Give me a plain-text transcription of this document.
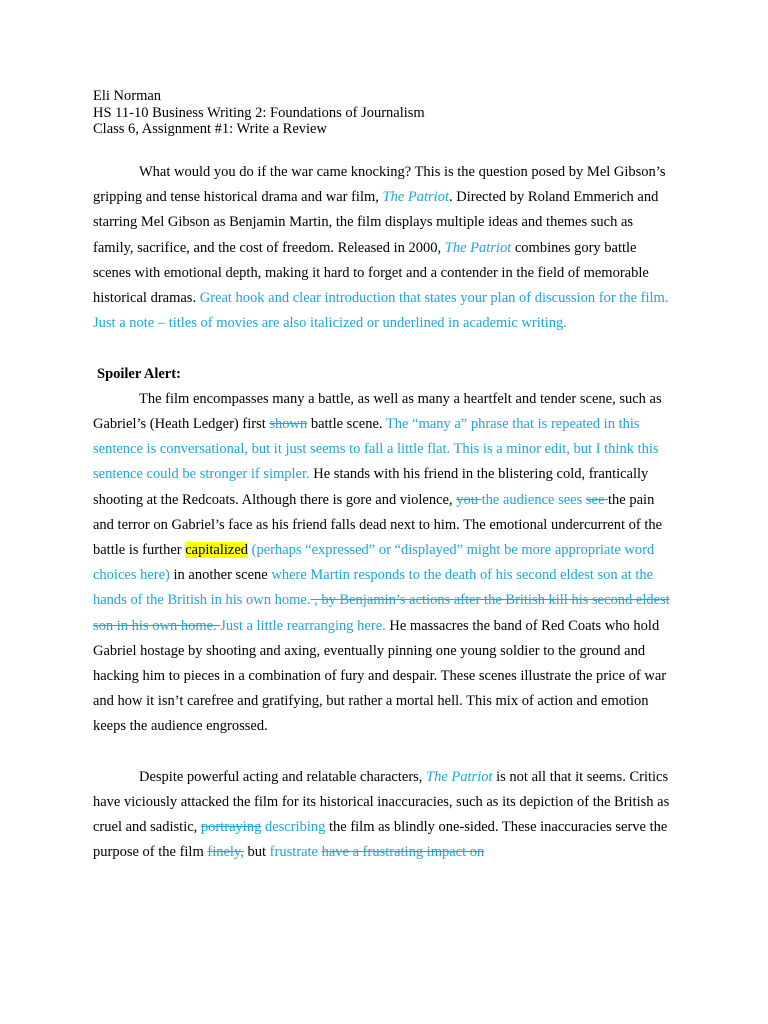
Eli Norman
HS 11-10 Business Writing 2: Foundations of Journalism
Class 6, Assignment #1: Write a Review

What would you do if the war came knocking? This is the question posed by Mel Gibson’s gripping and tense historical drama and war film, The Patriot. Directed by Roland Emmerich and starring Mel Gibson as Benjamin Martin, the film displays multiple ideas and themes such as family, sacrifice, and the cost of freedom. Released in 2000, The Patriot combines gory battle scenes with emotional depth, making it hard to forget and a contender in the field of memorable historical dramas. Great hook and clear introduction that states your plan of discussion for the film. Just a note – titles of movies are also italicized or underlined in academic writing.

Spoiler Alert:

The film encompasses many a battle, as well as many a heartfelt and tender scene, such as Gabriel’s (Heath Ledger) first shown battle scene. The “many a” phrase that is repeated in this sentence is conversational, but it just seems to fall a little flat. This is a minor edit, but I think this sentence could be stronger if simpler. He stands with his friend in the blistering cold, frantically shooting at the Redcoats. Although there is gore and violence, you the audience sees see the pain and terror on Gabriel’s face as his friend falls dead next to him. The emotional undercurrent of the battle is further capitalized (perhaps “expressed” or “displayed” might be more appropriate word choices here) in another scene where Martin responds to the death of his second eldest son at the hands of the British in his own home. , by Benjamin’s actions after the British kill his second eldest son in his own home. Just a little rearranging here. He massacres the band of Red Coats who hold Gabriel hostage by shooting and axing, eventually pinning one young soldier to the ground and hacking him to pieces in a combination of fury and despair. These scenes illustrate the price of war and how it isn’t carefree and gratifying, but rather a mortal hell. This mix of action and emotion keeps the audience engrossed.

Despite powerful acting and relatable characters, The Patriot is not all that it seems. Critics have viciously attacked the film for its historical inaccuracies, such as its depiction of the British as cruel and sadistic, portraying describing the film as blindly one-sided. These inaccuracies serve the purpose of the film finely, but frustrate have a frustrating impact on
